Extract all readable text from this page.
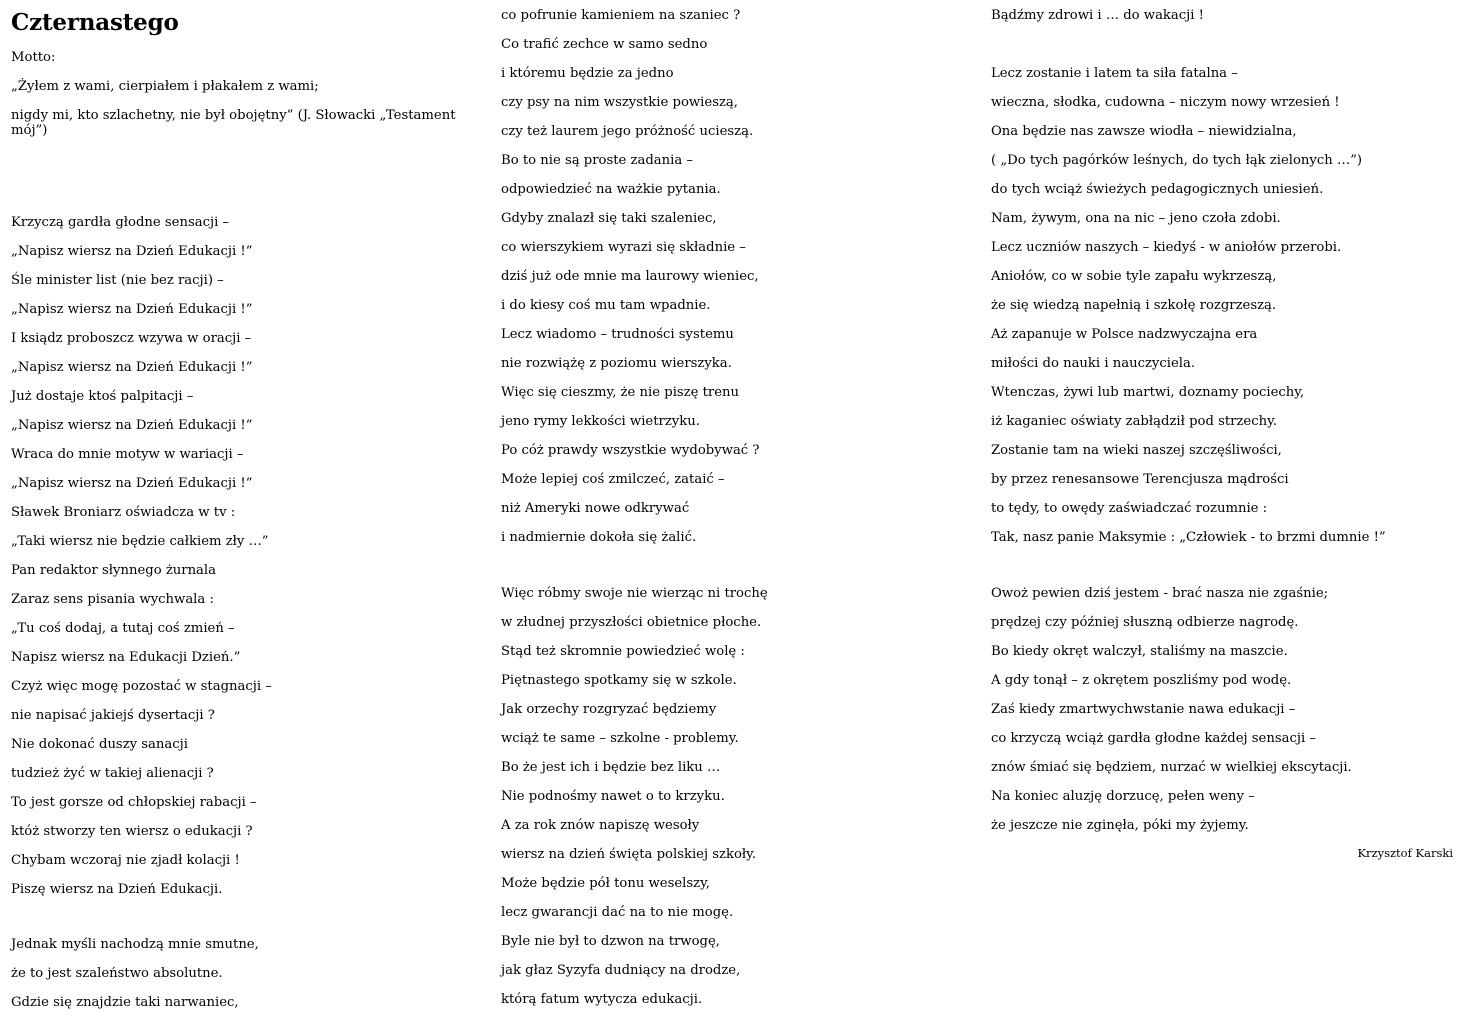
Czternastego

Motto:

„Żyłem z wami, cierpiałem i płakałem z wami;

nigdy mi, kto szlachetny, nie był obojętny” (J. Słowacki „Testament mój”)

Krzyczą gardła głodne sensacji –

„Napisz wiersz na Dzień Edukacji !”

Śle minister list (nie bez racji) –

„Napisz wiersz na Dzień Edukacji !”

I ksiądz proboszcz wzywa w oracji –

„Napisz wiersz na Dzień Edukacji !”

Już dostaje ktoś palpitacji –

„Napisz wiersz na Dzień Edukacji !”

Wraca do mnie motyw w wariacji –

„Napisz wiersz na Dzień Edukacji !”

Sławek Broniarz oświadcza w tv :

„Taki wiersz nie będzie całkiem zły …”

Pan redaktor słynnego żurnala

Zaraz sens pisania wychwala :

„Tu coś dodaj, a tutaj coś zmień –

Napisz wiersz na Edukacji Dzień.”

Czyż więc mogę pozostać w stagnacji –

nie napisać jakiejś dysertacji ?

Nie dokonać duszy sanacji

tudzież żyć w takiej alienacji ?

To jest gorsze od chłopskiej rabacji –

któż stworzy ten wiersz o edukacji ?

Chybam wczoraj nie zjadł kolacji !

Piszę wiersz na Dzień Edukacji.

Jednak myśli nachodzą mnie smutne,

że to jest szaleństwo absolutne.

Gdzie się znajdzie taki narwaniec,

co pofrunie kamieniem na szaniec ?

Co trafić zechce w samo sedno

i któremu będzie za jedno

czy psy na nim wszystkie powieszą,

czy też laurem jego próżność ucieszą.

Bo to nie są proste zadania –

odpowiedzieć na ważkie pytania.

Gdyby znalazł się taki szaleniec,

co wierszykiem wyrazi się składnie –

dziś już ode mnie ma laurowy wieniec,

i do kiesy coś mu tam wpadnie.

Lecz wiadomo – trudności systemu

nie rozwiążę z poziomu wierszyka.

Więc się cieszmy, że nie piszę trenu

jeno rymy lekkości wietrzyku.

Po cóż prawdy wszystkie wydobywać ?

Może lepiej coś zmilczeć, zataić –

niż Ameryki nowe odkrywać

i nadmiernie dokoła się żalić.

Więc róbmy swoje nie wierząc ni trochę

w złudnej przyszłości obietnice płoche.

Stąd też skromnie powiedzieć wolę :

Piętnastego spotkamy się w szkole.

Jak orzechy rozgryzać będziemy

wciąż te same – szkolne - problemy.

Bo że jest ich i będzie bez liku …

Nie podnośmy nawet o to krzyku.

A za rok znów napiszę wesoły

wiersz na dzień święta polskiej szkoły.

Może będzie pół tonu weselszy,

lecz gwarancji dać na to nie mogę.

Byle nie był to dzwon na trwogę,

jak głaz Syzyfa dudniący na drodze,

którą fatum wytycza edukacji.

Bądźmy zdrowi i … do wakacji !

Lecz zostanie i latem ta siła fatalna –

wieczna, słodka, cudowna – niczym nowy wrzesień !

Ona będzie nas zawsze wiodła – niewidzialna,

( „Do tych pagórków leśnych, do tych łąk zielonych …”)

do tych wciąż świeżych pedagogicznych uniesień.

Nam, żywym, ona na nic – jeno czoła zdobi.

Lecz uczniów naszych – kiedyś - w aniołów przerobi.

Aniołów, co w sobie tyle zapału wykrzeszą,

że się wiedzą napełnią i szkołę rozgrzeszą.

Aż zapanuje w Polsce nadzwyczajna era

miłości do nauki i nauczyciela.

Wtenczas, żywi lub martwi, doznamy pociechy,

iż kaganiec oświaty zabłądził pod strzechy.

Zostanie tam na wieki naszej szczęśliwości,

by przez renesansowe Terencjusza mądrości

to tędy, to owędy zaświadczać rozumnie :

Tak, nasz panie Maksymie : „Człowiek - to brzmi dumnie !”

Owoż pewien dziś jestem - brać nasza nie zgaśnie;

prędzej czy później słuszną odbierze nagrodę.

Bo kiedy okręt walczył, staliśmy na maszcie.

A gdy tonął – z okrętem poszliśmy pod wodę.

Zaś kiedy zmartwychwstanie nawa edukacji –

co krzyczą wciąż gardła głodne każdej sensacji –

znów śmiać się będziem, nurzać w wielkiej ekscytacji.

Na koniec aluzję dorzucę, pełen weny –

że jeszcze nie zginęła, póki my żyjemy.

Krzysztof Karski
